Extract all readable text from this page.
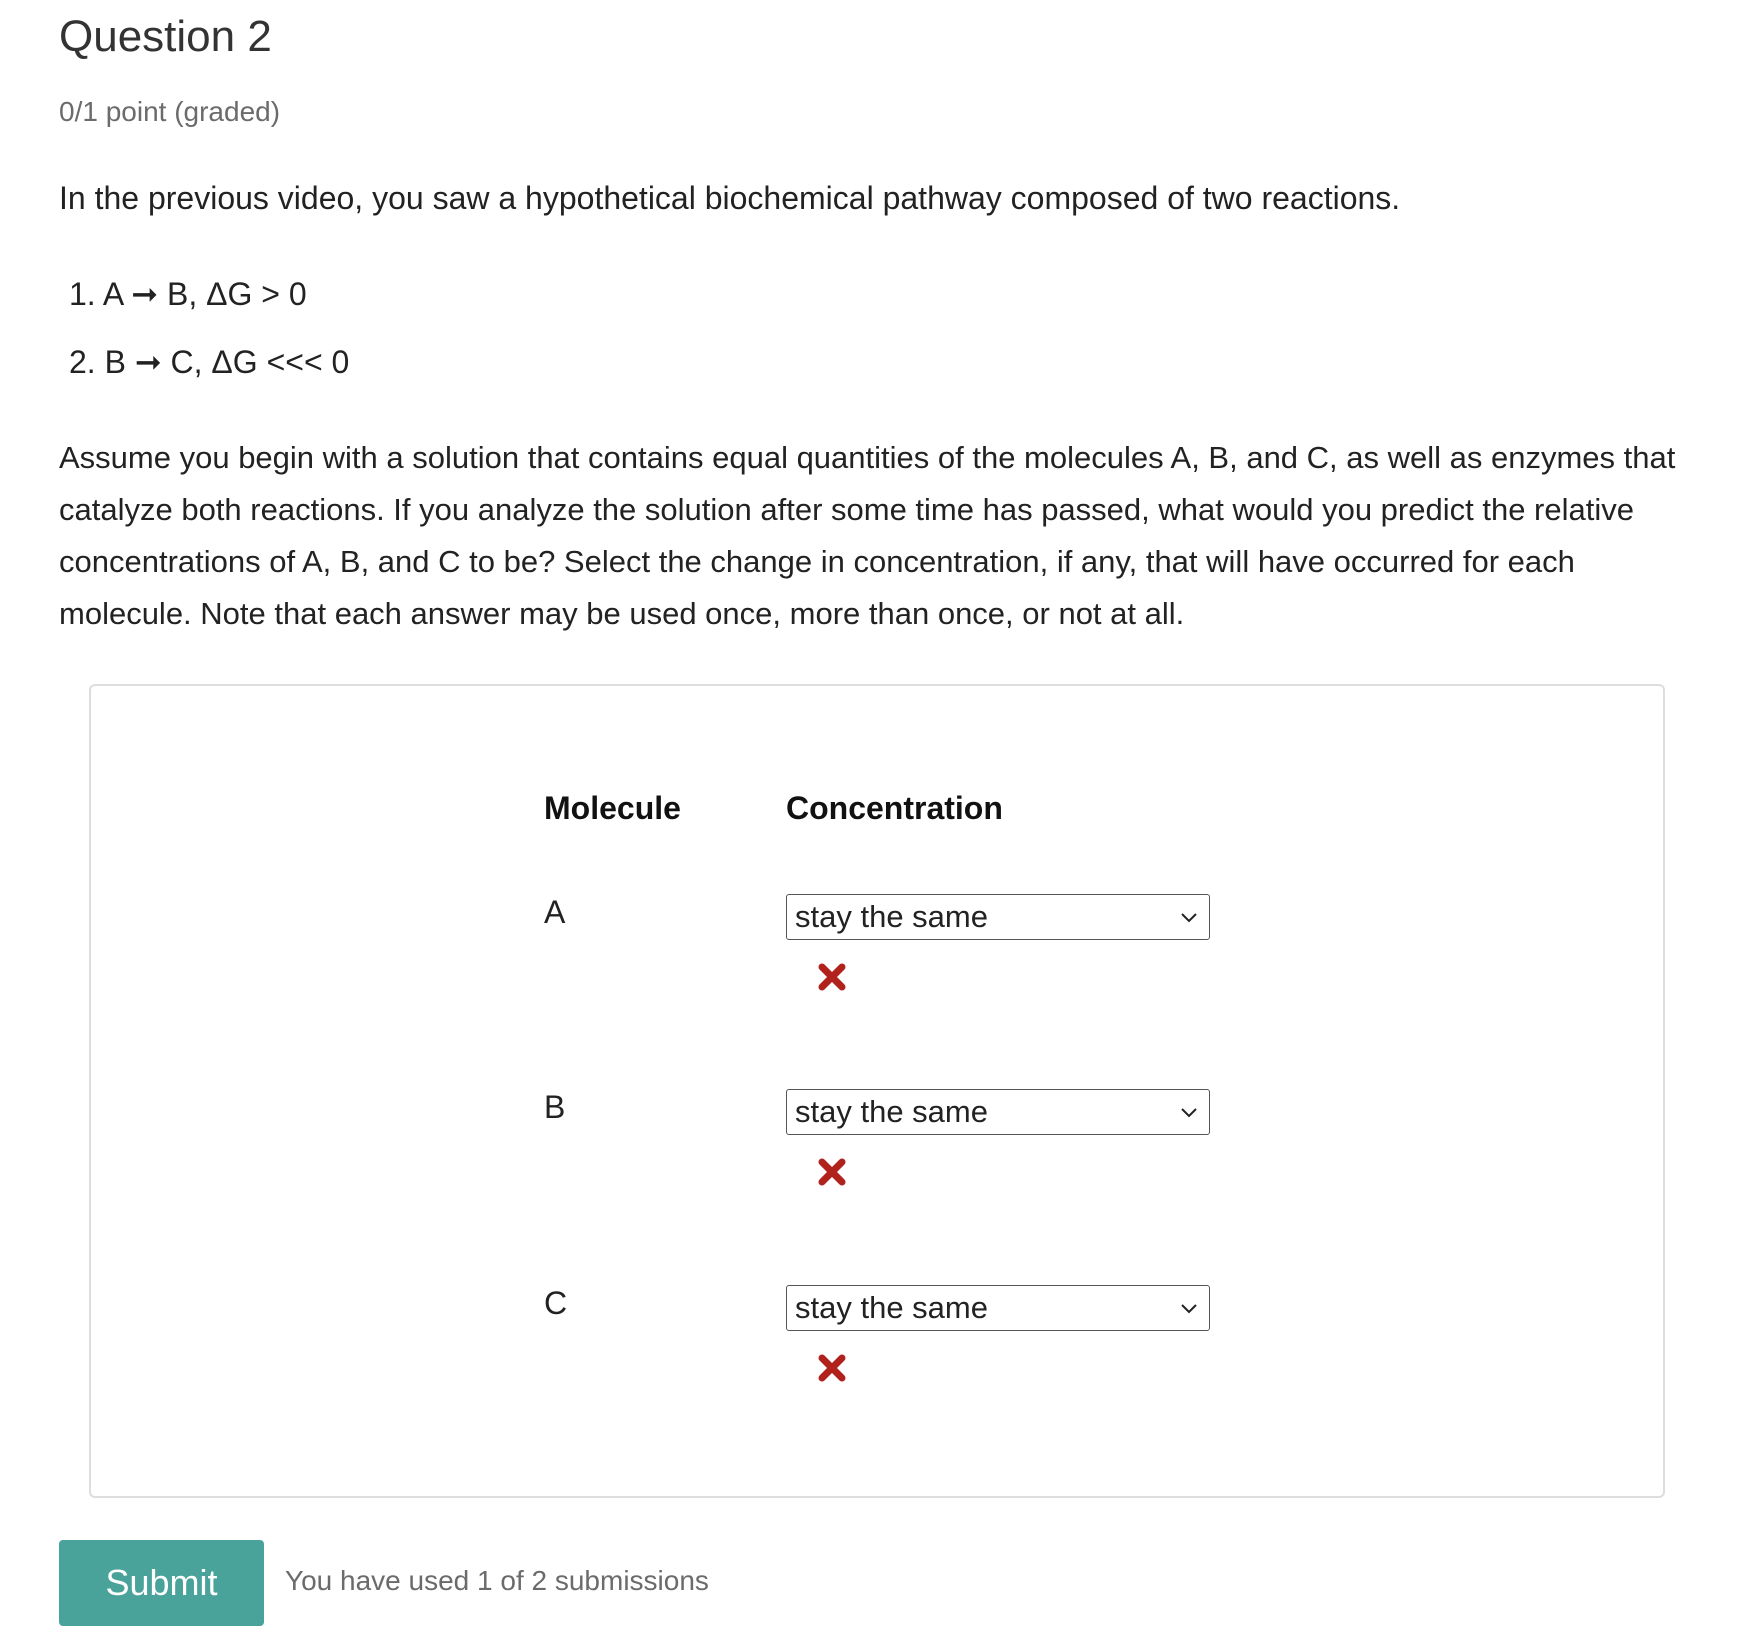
Question 2
0/1 point (graded)
In the previous video, you saw a hypothetical biochemical pathway composed of two reactions.
1. A ➞ B, ΔG > 0
2. B ➞ C, ΔG <<< 0
Assume you begin with a solution that contains equal quantities of the molecules A, B, and C, as well as enzymes that catalyze both reactions. If you analyze the solution after some time has passed, what would you predict the relative concentrations of A, B, and C to be? Select the change in concentration, if any, that will have occurred for each molecule. Note that each answer may be used once, more than once, or not at all.
Molecule	Concentration
A	stay the same
B	stay the same
C	stay the same
Submit	You have used 1 of 2 submissions
